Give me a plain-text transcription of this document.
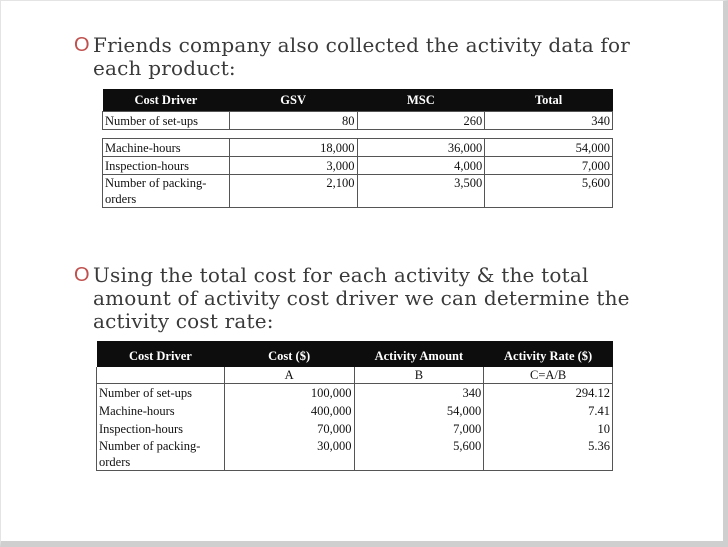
O Friends company also collected the activity data for each product:
Cost Driver	GSV	MSC	Total
Number of set-ups	80	260	340

Machine-hours	18,000	36,000	54,000
Inspection-hours	3,000	4,000	7,000
Number of packing-orders	2,100	3,500	5,600
O Using the total cost for each activity & the total amount of activity cost driver we can determine the activity cost rate:
Cost Driver	Cost ($)	Activity Amount	Activity Rate ($)
	A	B	C=A/B
Number of set-ups	100,000	340	294.12
Machine-hours	400,000	54,000	7.41
Inspection-hours	70,000	7,000	10
Number of packing-orders	30,000	5,600	5.36
